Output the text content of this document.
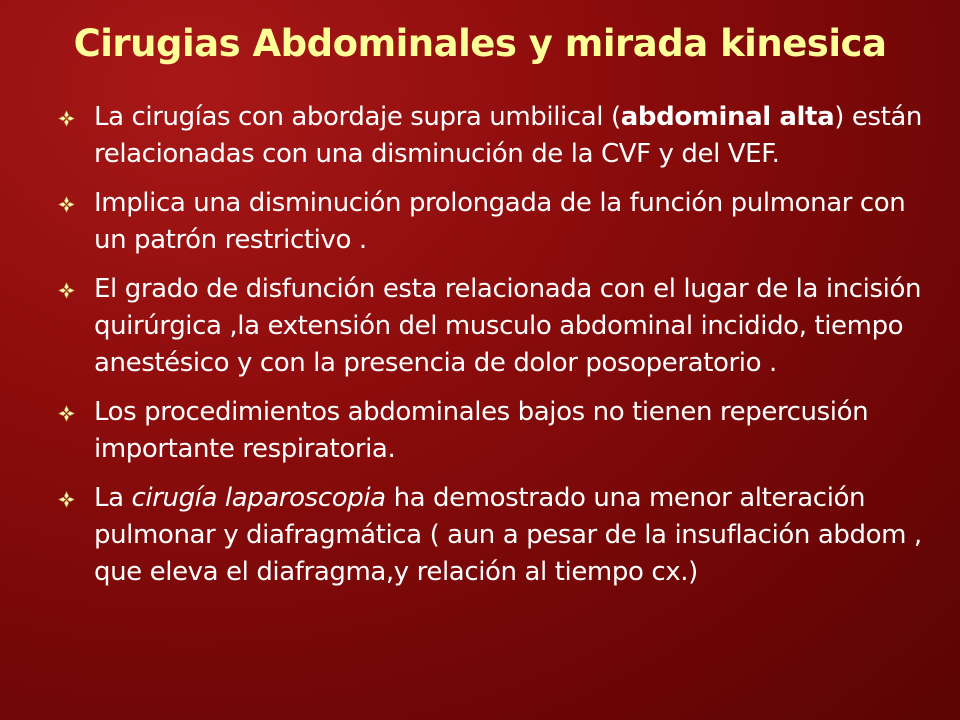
Cirugias Abdominales y mirada kinesica
La cirugías con abordaje supra umbilical (abdominal alta) están relacionadas con una disminución de la CVF y del VEF.
Implica una disminución prolongada de la función pulmonar con un patrón restrictivo .
El grado de disfunción esta relacionada con el lugar de la incisión quirúrgica ,la extensión del musculo abdominal incidido, tiempo anestésico y con la presencia de dolor posoperatorio .
Los procedimientos abdominales bajos no tienen repercusión importante respiratoria.
La cirugía laparoscopia ha demostrado una menor alteración pulmonar y diafragmática ( aun a pesar de la insuflación abdom , que eleva el diafragma,y relación al tiempo cx.)
